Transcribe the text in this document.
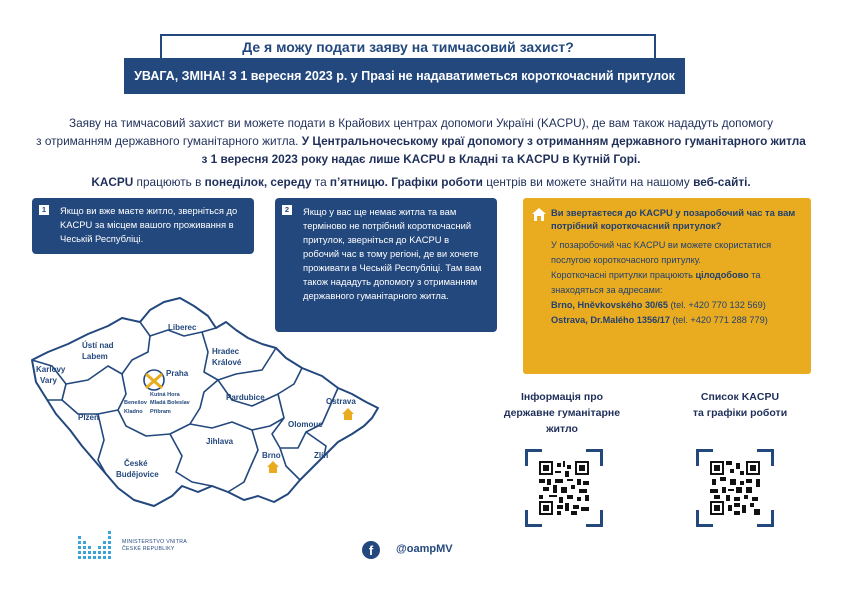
Де я можу подати заяву на тимчасовий захист?
УВАГА, ЗМІНА! З 1 вересня 2023 р. у Празі не надаватиметься короткочасний притулок
Заяву на тимчасовий захист ви можете подати в Крайових центрах допомоги Україні (KACPU), де вам також нададуть допомогу
з отриманням державного гуманітарного житла. У Центральночеському краї допомогу з отриманням державного гуманітарного житла
з 1 вересня 2023 року надає лише KACPU в Кладні та KACPU в Кутній Горі.
KACPU працюють в понеділок, середу та п’ятницю. Графіки роботи центрів ви можете знайти на нашому веб-сайті.
1	Якщо ви вже маєте житло, зверніться до KACPU за місцем вашого проживання в Чеській Республіці.
2	Якщо у вас ще немає житла та вам терміново не потрібний короткочасний притулок, зверніться до KACPU в робочий час в тому регіоні, де ви хочете проживати в Чеській Республіці. Там вам також нададуть допомогу з отриманням державного гуманітарного житла.
Ви звертаєтеся до KACPU у позаробочий час та вам потрібний короткочасний притулок?

У позаробочий час KACPU ви можете скористатися послугою короткочасного притулку.

Короткочасні притулки працюють цілодобово та знаходяться за адресами:

Brno, Hněvkovského 30/65 (tel. +420 770 132 569)

Ostrava, Dr.Malého 1356/17 (tel. +420 771 288 779)

Liberec
Ústí nad
Labem
Karlovy
Vary
Hradec
Králové
Praha
Pardubice
Plzeň
Ostrava
Olomouc
Jihlava
České
Budějovice
Brno	Zlín
Kutná Hora
Mladá Boleslav
Benešov
Kladno Příbram
Інформація про
державне гуманітарне
житло
Список KACPU
та графіки роботи
MINISTERSTVO VNITRA
ČESKÉ REPUBLIKY	f	@oampMV
